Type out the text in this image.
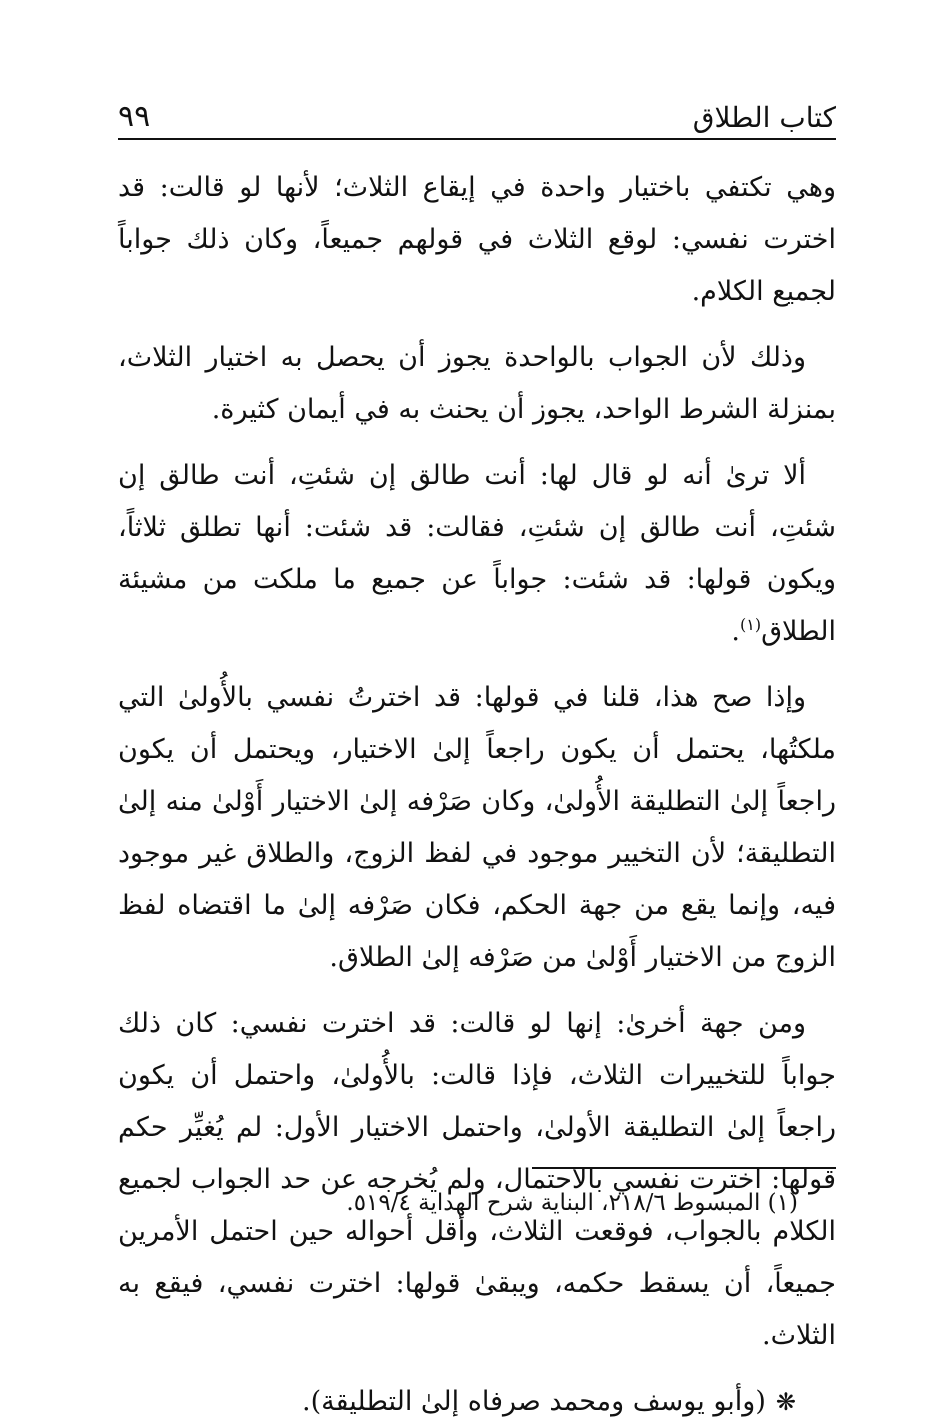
٩٩	كتاب الطلاق

وهي تكتفي باختيار واحدة في إيقاع الثلاث؛ لأنها لو قالت: قد اخترت نفسي: لوقع الثلاث في قولهم جميعاً، وكان ذلك جواباً لجميع الكلام.

وذلك لأن الجواب بالواحدة يجوز أن يحصل به اختيار الثلاث، بمنزلة الشرط الواحد، يجوز أن يحنث به في أيمان كثيرة.

ألا ترىٰ أنه لو قال لها: أنت طالق إن شئتِ، أنت طالق إن شئتِ، أنت طالق إن شئتِ، فقالت: قد شئت: أنها تطلق ثلاثاً، ويكون قولها: قد شئت: جواباً عن جميع ما ملكت من مشيئة الطلاق$^{(١)}$.

وإذا صح هذا، قلنا في قولها: قد اخترتُ نفسي بالأُولىٰ التي ملكتُها، يحتمل أن يكون راجعاً إلىٰ الاختيار، ويحتمل أن يكون راجعاً إلىٰ التطليقة الأُولىٰ، وكان صَرْفه إلىٰ الاختيار أَوْلىٰ منه إلىٰ التطليقة؛ لأن التخيير موجود في لفظ الزوج، والطلاق غير موجود فيه، وإنما يقع من جهة الحكم، فكان صَرْفه إلىٰ ما اقتضاه لفظ الزوج من الاختيار أَوْلىٰ من صَرْفه إلىٰ الطلاق.

ومن جهة أخرىٰ: إنها لو قالت: قد اخترت نفسي: كان ذلك جواباً للتخييرات الثلاث، فإذا قالت: بالأُولىٰ، واحتمل أن يكون راجعاً إلىٰ التطليقة الأولىٰ، واحتمل الاختيار الأول: لم يُغيِّر حكم قولها: اخترت نفسي بالاحتمال، ولم يُخرجه عن حد الجواب لجميع الكلام بالجواب، فوقعت الثلاث، وأقل أحواله حين احتمل الأمرين جميعاً، أن يسقط حكمه، ويبقىٰ قولها: اخترت نفسي، فيقع به الثلاث.

❋(وأبو يوسف ومحمد صرفاه إلىٰ التطليقة).

(١) المبسوط ٢١٨/٦، البناية شرح الهداية ٥١٩/٤.
